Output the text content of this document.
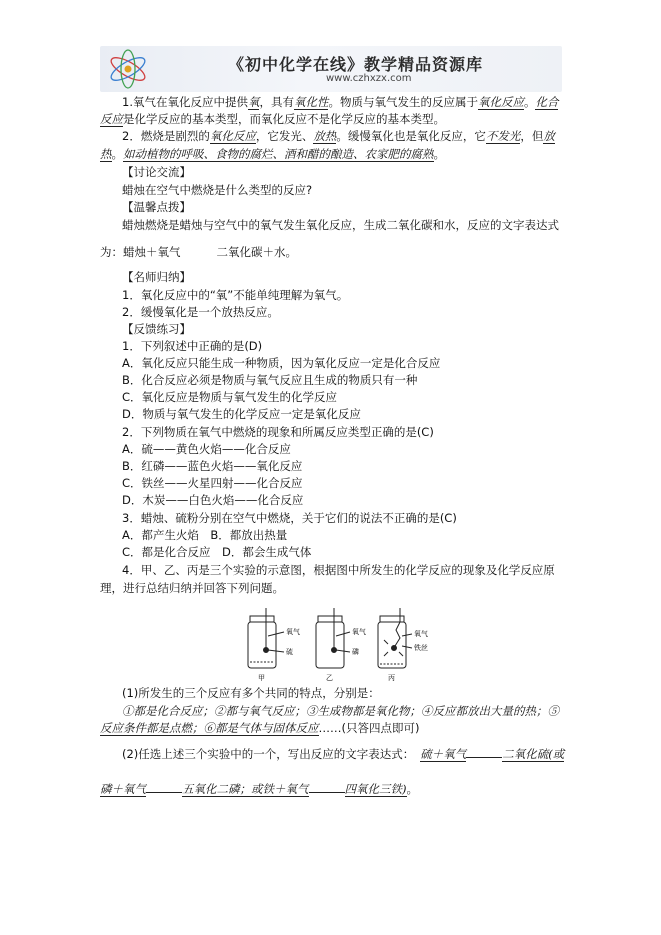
《初中化学在线》教学精品资源库
www.czhxzx.com
1.氧气在氧化反应中提供氧，具有氧化性。物质与氧气发生的反应属于氧化反应。化合
反应是化学反应的基本类型，而氧化反应不是化学反应的基本类型。
2．燃烧是剧烈的氧化反应，它发光、放热。缓慢氧化也是氧化反应，它不发光，但放
热。如动植物的呼吸、食物的腐烂、酒和醋的酿造、农家肥的腐熟。
【讨论交流】
蜡烛在空气中燃烧是什么类型的反应?
【温馨点拨】
蜡烛燃烧是蜡烛与空气中的氧气发生氧化反应，生成二氧化碳和水，反应的文字表达式
为：蜡烛＋氧气	二氧化碳＋水。
【名师归纳】
1．氧化反应中的“氧”不能单纯理解为氧气。
2．缓慢氧化是一个放热反应。
【反馈练习】
1．下列叙述中正确的是(D)
A．氧化反应只能生成一种物质，因为氧化反应一定是化合反应
B．化合反应必须是物质与氧气反应且生成的物质只有一种
C．氧化反应是物质与氧气发生的化学反应
D．物质与氧气发生的化学反应一定是氧化反应
2．下列物质在氧气中燃烧的现象和所属反应类型正确的是(C)
A．硫——黄色火焰——化合反应
B．红磷——蓝色火焰——氧化反应
C．铁丝——火星四射——化合反应
D．木炭——白色火焰——化合反应
3．蜡烛、硫粉分别在空气中燃烧，关于它们的说法不正确的是(C)
A．都产生火焰　B．都放出热量
C．都是化合反应　D．都会生成气体
4．甲、乙、丙是三个实验的示意图，根据图中所发生的化学反应的现象及化学反应原
理，进行总结归纳并回答下列问题。
氧气
硫
氧气
磷
氧气
铁丝
甲	乙	丙
(1)所发生的三个反应有多个共同的特点，分别是：
①都是化合反应；②都与氧气反应；③生成物都是氧化物；④反应都放出大量的热；⑤
反应条件都是点燃；⑥都是气体与固体反应……(只答四点即可)
(2)任选上述三个实验中的一个，写出反应的文字表达式： 硫＋氧气	二氧化硫(或
磷＋氧气	五氧化二磷；或铁＋氧气	四氧化三铁)。
